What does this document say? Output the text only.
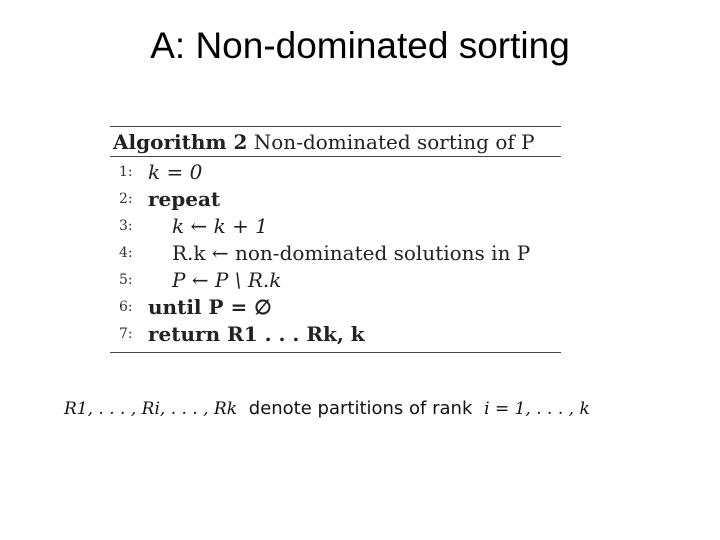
A: Non-dominated sorting
Algorithm 2 Non-dominated sorting of P
1: k = 0
2: repeat
3: k ← k + 1
4: R.k ← non-dominated solutions in P
5: P ← P \ R.k
6: until P = ∅
7: return R1 . . . Rk, k
R1, . . . , Ri, . . . , Rk denote partitions of rank i = 1, . . . , k
